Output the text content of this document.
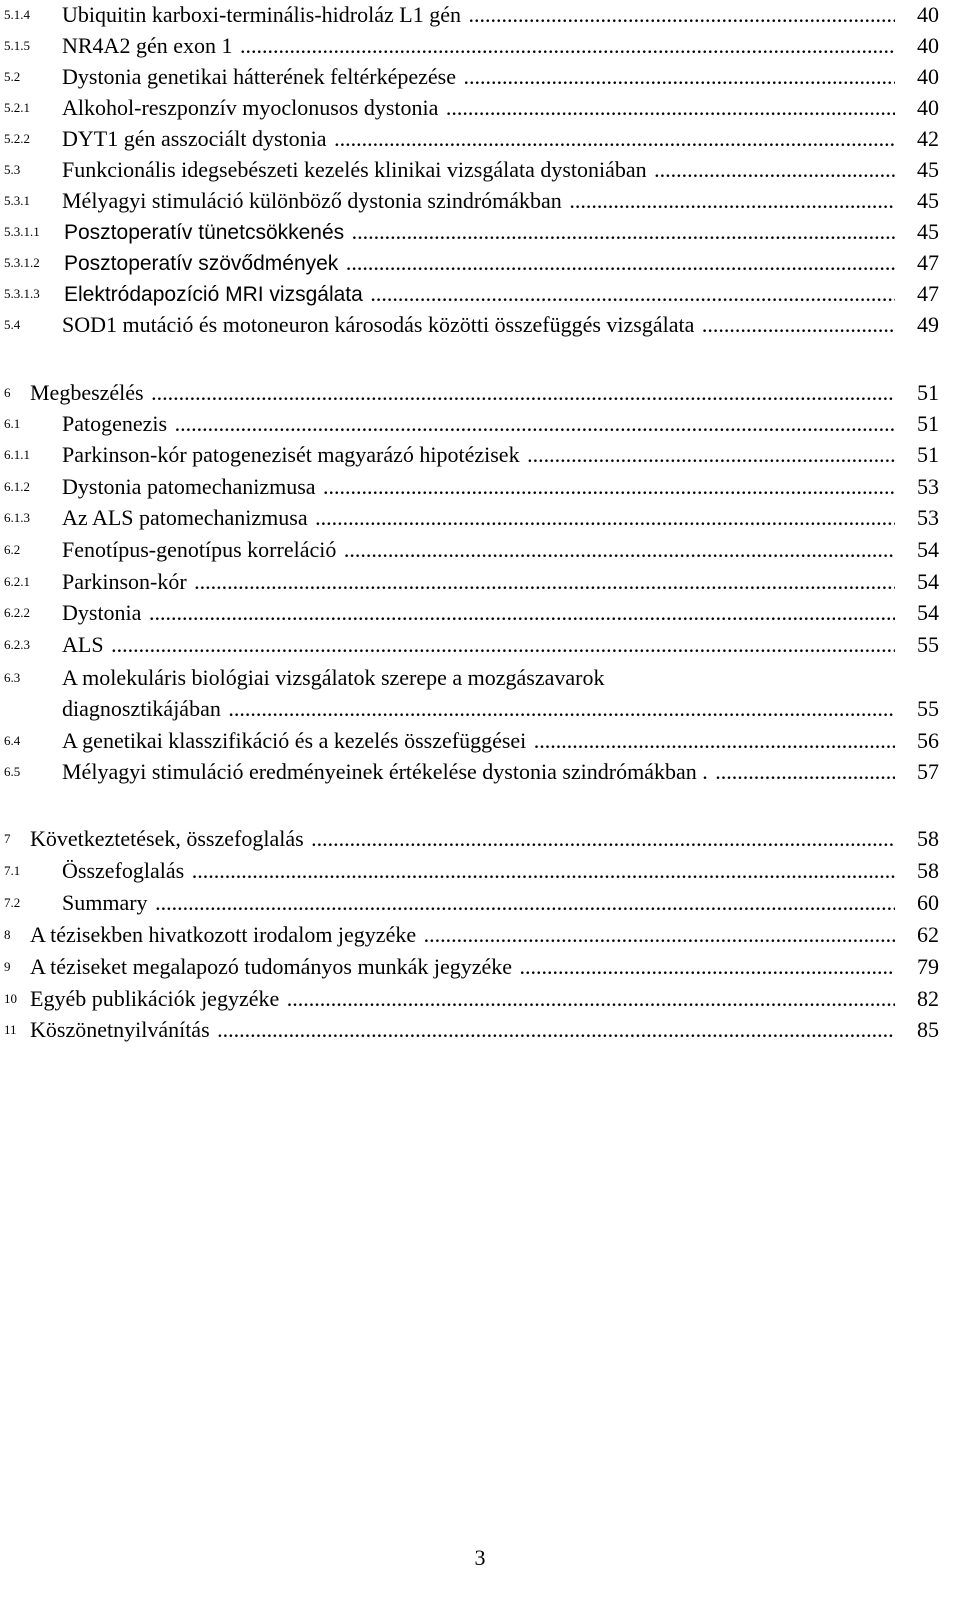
5.1.4 Ubiquitin karboxi-terminális-hidroláz L1 gén .....	40
5.1.5 NR4A2 gén exon 1 .....	40
5.2 Dystonia genetikai hátterének feltérképezése .....	40
5.2.1 Alkohol-reszponzív myoclonusos dystonia .....	40
5.2.2 DYT1 gén asszociált dystonia .....	42
5.3 Funkcionális idegsebészeti kezelés klinikai vizsgálata dystoniában .....	45
5.3.1 Mélyagyi stimuláció különböző dystonia szindrómákban .....	45
5.3.1.1 Posztoperatív tünetcsökkenés .....	45
5.3.1.2 Posztoperatív szövődmények .....	47
5.3.1.3 Elektródapozíció MRI vizsgálata .....	47
5.4 SOD1 mutáció és motoneuron károsodás közötti összefüggés vizsgálata .....	49
6 Megbeszélés .....	51
6.1 Patogenezis .....	51
6.1.1 Parkinson-kór patogenezisét magyarázó hipotézisek .....	51
6.1.2 Dystonia patomechanizmusa .....	53
6.1.3 Az ALS patomechanizmusa .....	53
6.2 Fenotípus-genotípus korreláció .....	54
6.2.1 Parkinson-kór .....	54
6.2.2 Dystonia .....	54
6.2.3 ALS .....	55
6.3 A molekuláris biológiai vizsgálatok szerepe a mozgászavarok
diagnosztikájában .....	55
6.4 A genetikai klasszifikáció és a kezelés összefüggései .....	56
6.5 Mélyagyi stimuláció eredményeinek értékelése dystonia szindrómákban . .....	57
7 Következtetések, összefoglalás .....	58
7.1 Összefoglalás .....	58
7.2 Summary .....	60
8 A tézisekben hivatkozott irodalom jegyzéke .....	62
9 A téziseket megalapozó tudományos munkák jegyzéke .....	79
10 Egyéb publikációk jegyzéke .....	82
11 Köszönetnyilvánítás .....	85
3
